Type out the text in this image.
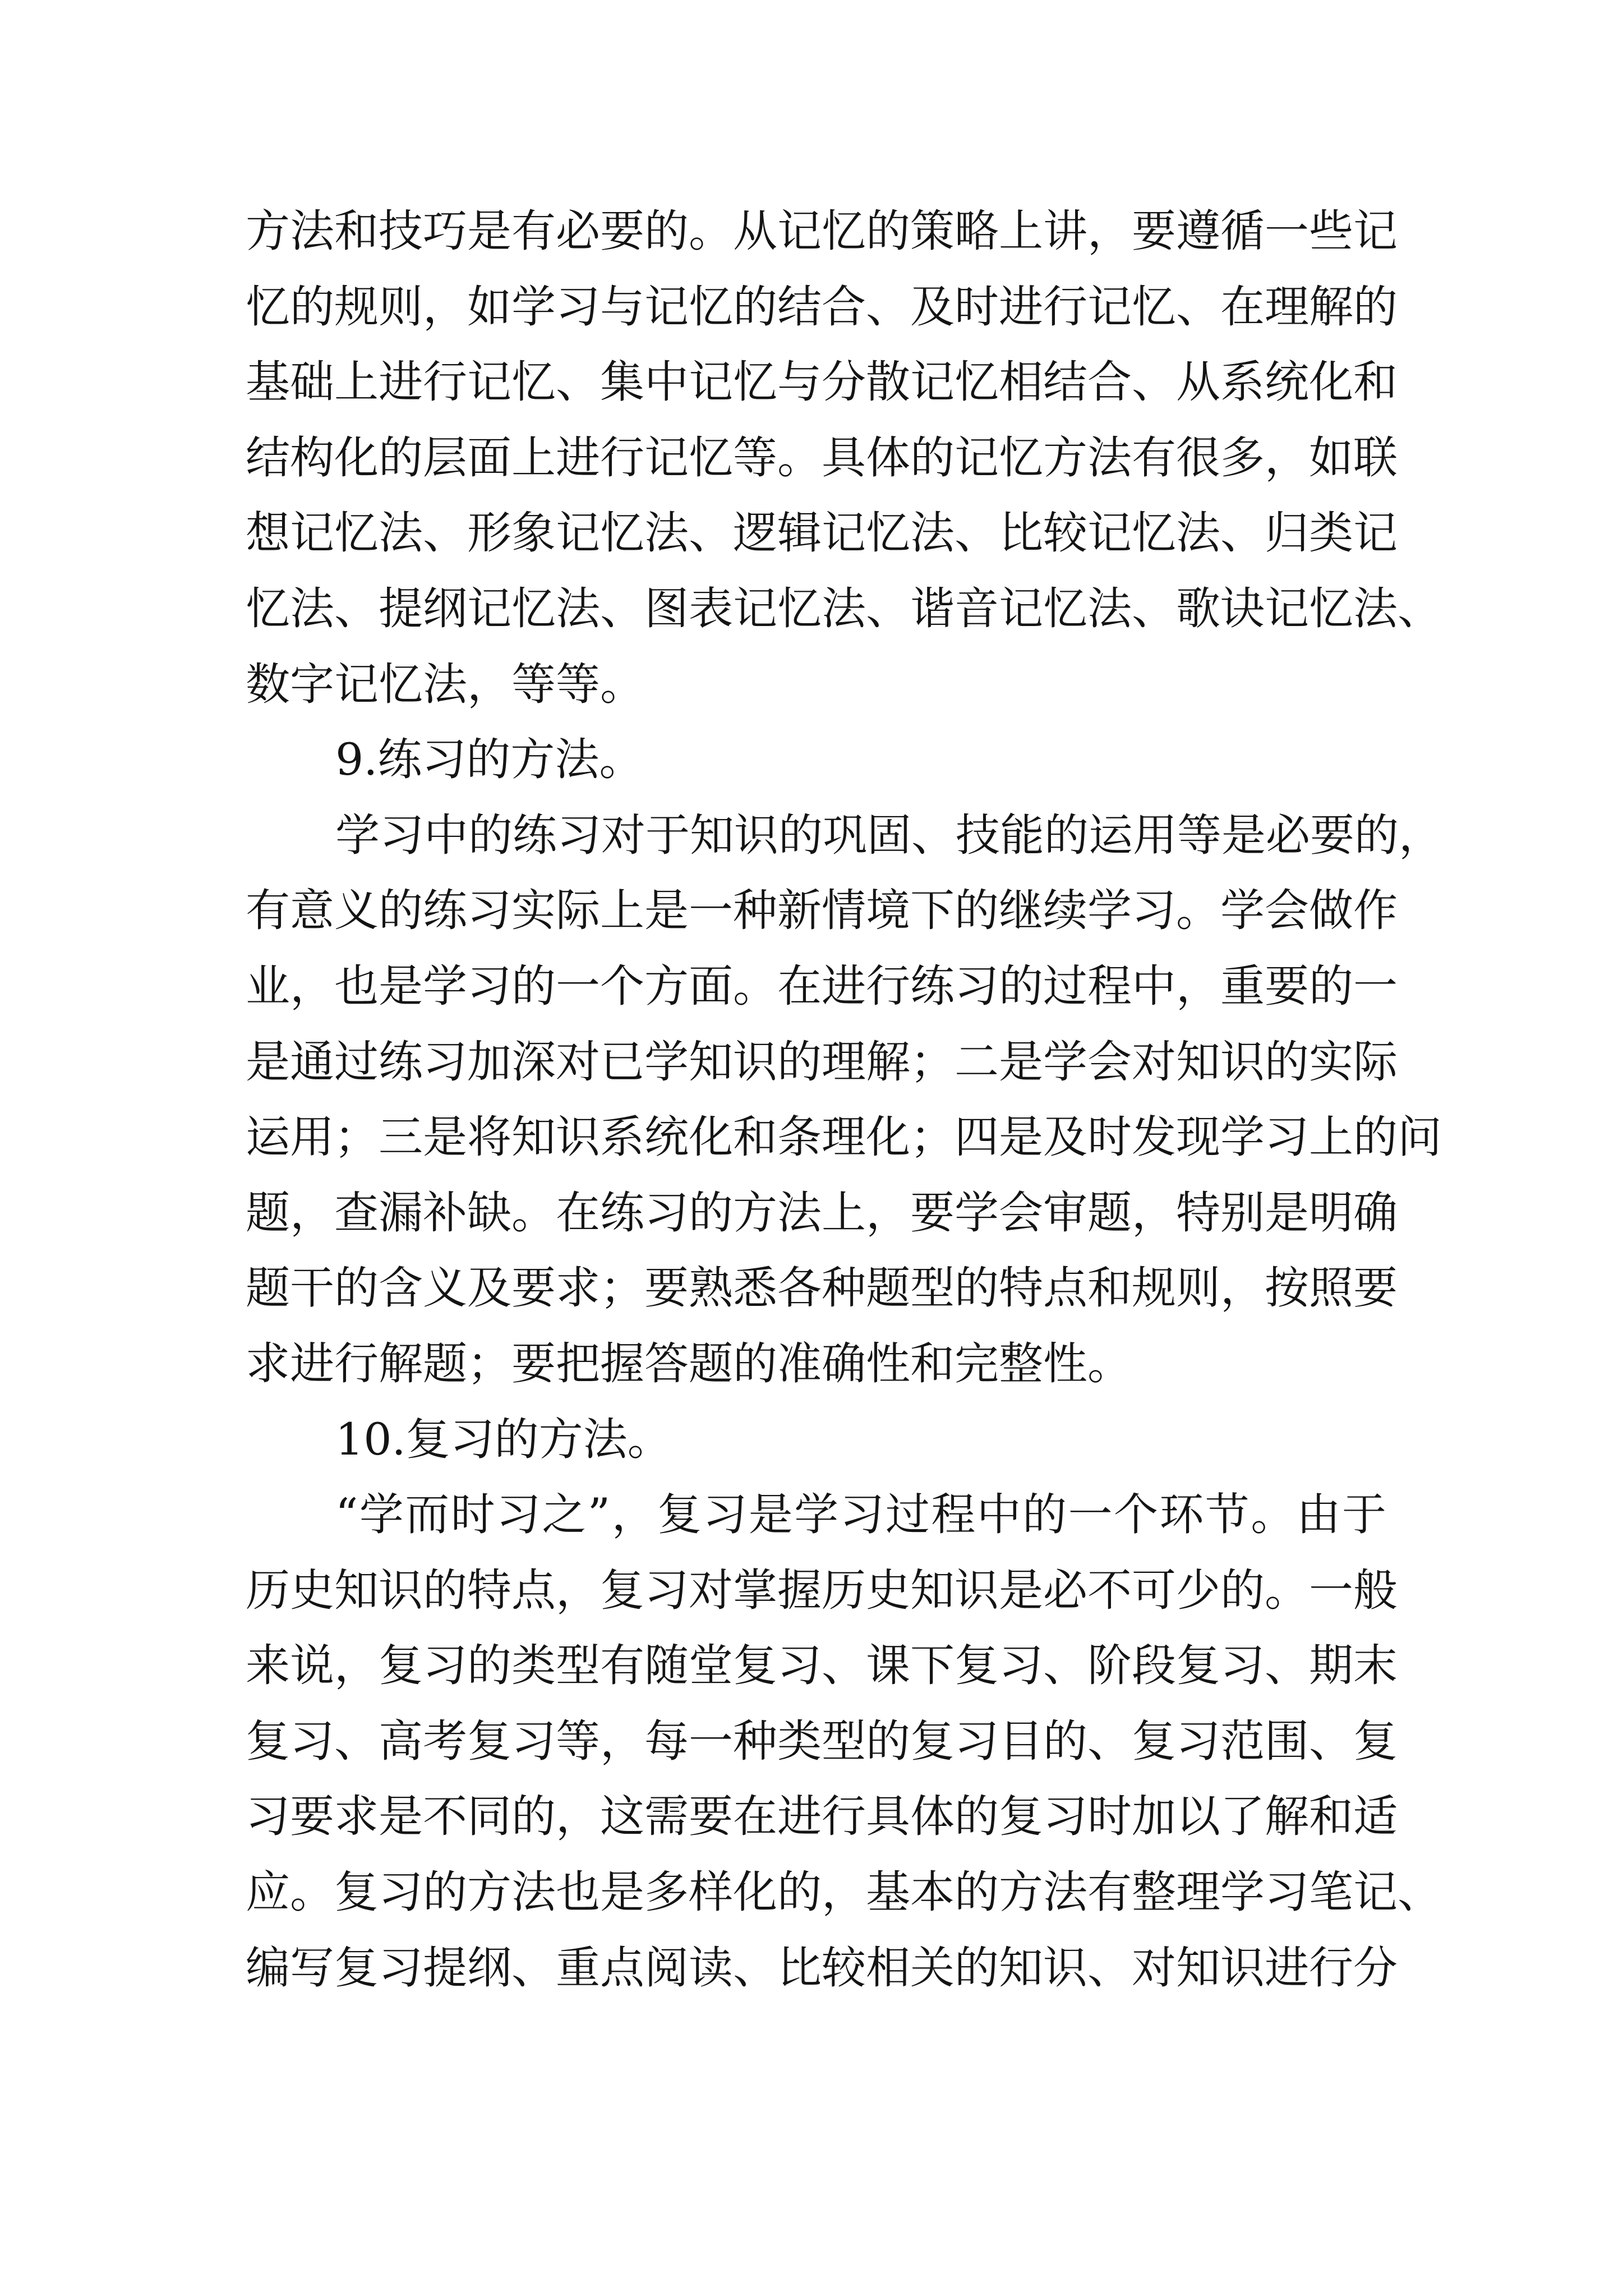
方法和技巧是有必要的。从记忆的策略上讲，要遵循一些记
忆的规则，如学习与记忆的结合、及时进行记忆、在理解的
基础上进行记忆、集中记忆与分散记忆相结合、从系统化和
结构化的层面上进行记忆等。具体的记忆方法有很多，如联
想记忆法、形象记忆法、逻辑记忆法、比较记忆法、归类记
忆法、提纲记忆法、图表记忆法、谐音记忆法、歌诀记忆法、
数字记忆法，等等。
9.练习的方法。
学习中的练习对于知识的巩固、技能的运用等是必要的，
有意义的练习实际上是一种新情境下的继续学习。学会做作
业，也是学习的一个方面。在进行练习的过程中，重要的一
是通过练习加深对已学知识的理解；二是学会对知识的实际
运用；三是将知识系统化和条理化；四是及时发现学习上的问
题，查漏补缺。在练习的方法上，要学会审题，特别是明确
题干的含义及要求；要熟悉各种题型的特点和规则，按照要
求进行解题；要把握答题的准确性和完整性。
10.复习的方法。
“学而时习之”，复习是学习过程中的一个环节。由于
历史知识的特点，复习对掌握历史知识是必不可少的。一般
来说，复习的类型有随堂复习、课下复习、阶段复习、期末
复习、高考复习等，每一种类型的复习目的、复习范围、复
习要求是不同的，这需要在进行具体的复习时加以了解和适
应。复习的方法也是多样化的，基本的方法有整理学习笔记、
编写复习提纲、重点阅读、比较相关的知识、对知识进行分
